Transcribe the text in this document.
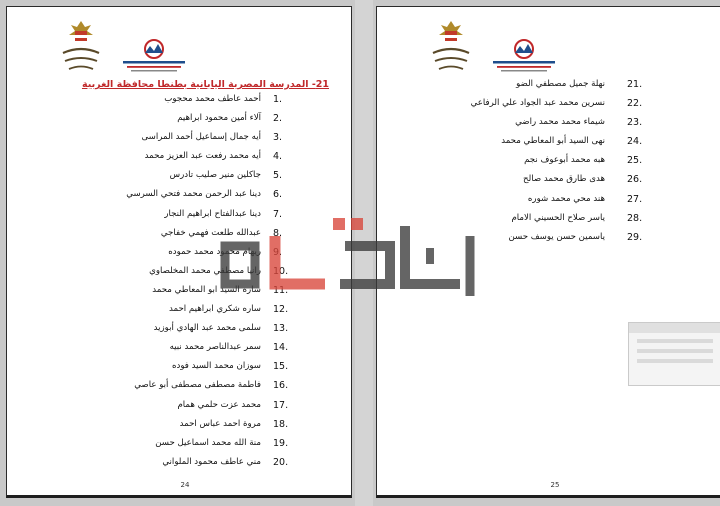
21- المدرسة المصرية اليابانية بطنطا محافظة الغربية
1.
أحمد عاطف محمد محجوب
2.
آلاء أمين محمود ابراهيم
3.
أيه جمال إسماعيل أحمد المراسى
4.
أيه محمد رفعت عبد العزيز محمد
5.
جاكلين منير صليب تادرس
6.
دينا عبد الرحمن محمد فتحي السرسي
7.
دينا عبدالفتاح ابراهيم النجار
8.
عبدالله طلعت فهمي خفاجي
9.
ريهام محمود محمد حموده
10.
رانيا مصطفي محمد المخلصاوي
11.
ساره السيد ابو المعاطي محمد
12.
ساره شكري ابراهيم احمد
13.
سلمى محمد عبد الهادي أبوزيد
14.
سمر عبدالناصر محمد نبيه
15.
سوزان محمد السيد فوده
16.
فاطمة مصطفى مصطفى أبو عاصي
17.
محمد عزت حلمي همام
18.
مروة احمد عباس احمد
19.
منة الله محمد اسماعيل حسن
20.
مني عاطف محمود الملواني
24
21.
نهلة جميل مصطفي الضو
22.
نسرين محمد عبد الجواد علي الرفاعي
23.
شيماء محمد محمد راضي
24.
نهى السيد أبو المعاطي محمد
25.
هبه محمد أبوعوف نجم
26.
هدى طارق محمد صالح
27.
هند محي محمد شوره
28.
ياسر صلاح الحسيني الامام
29.
ياسمين حسن يوسف حسن
25
